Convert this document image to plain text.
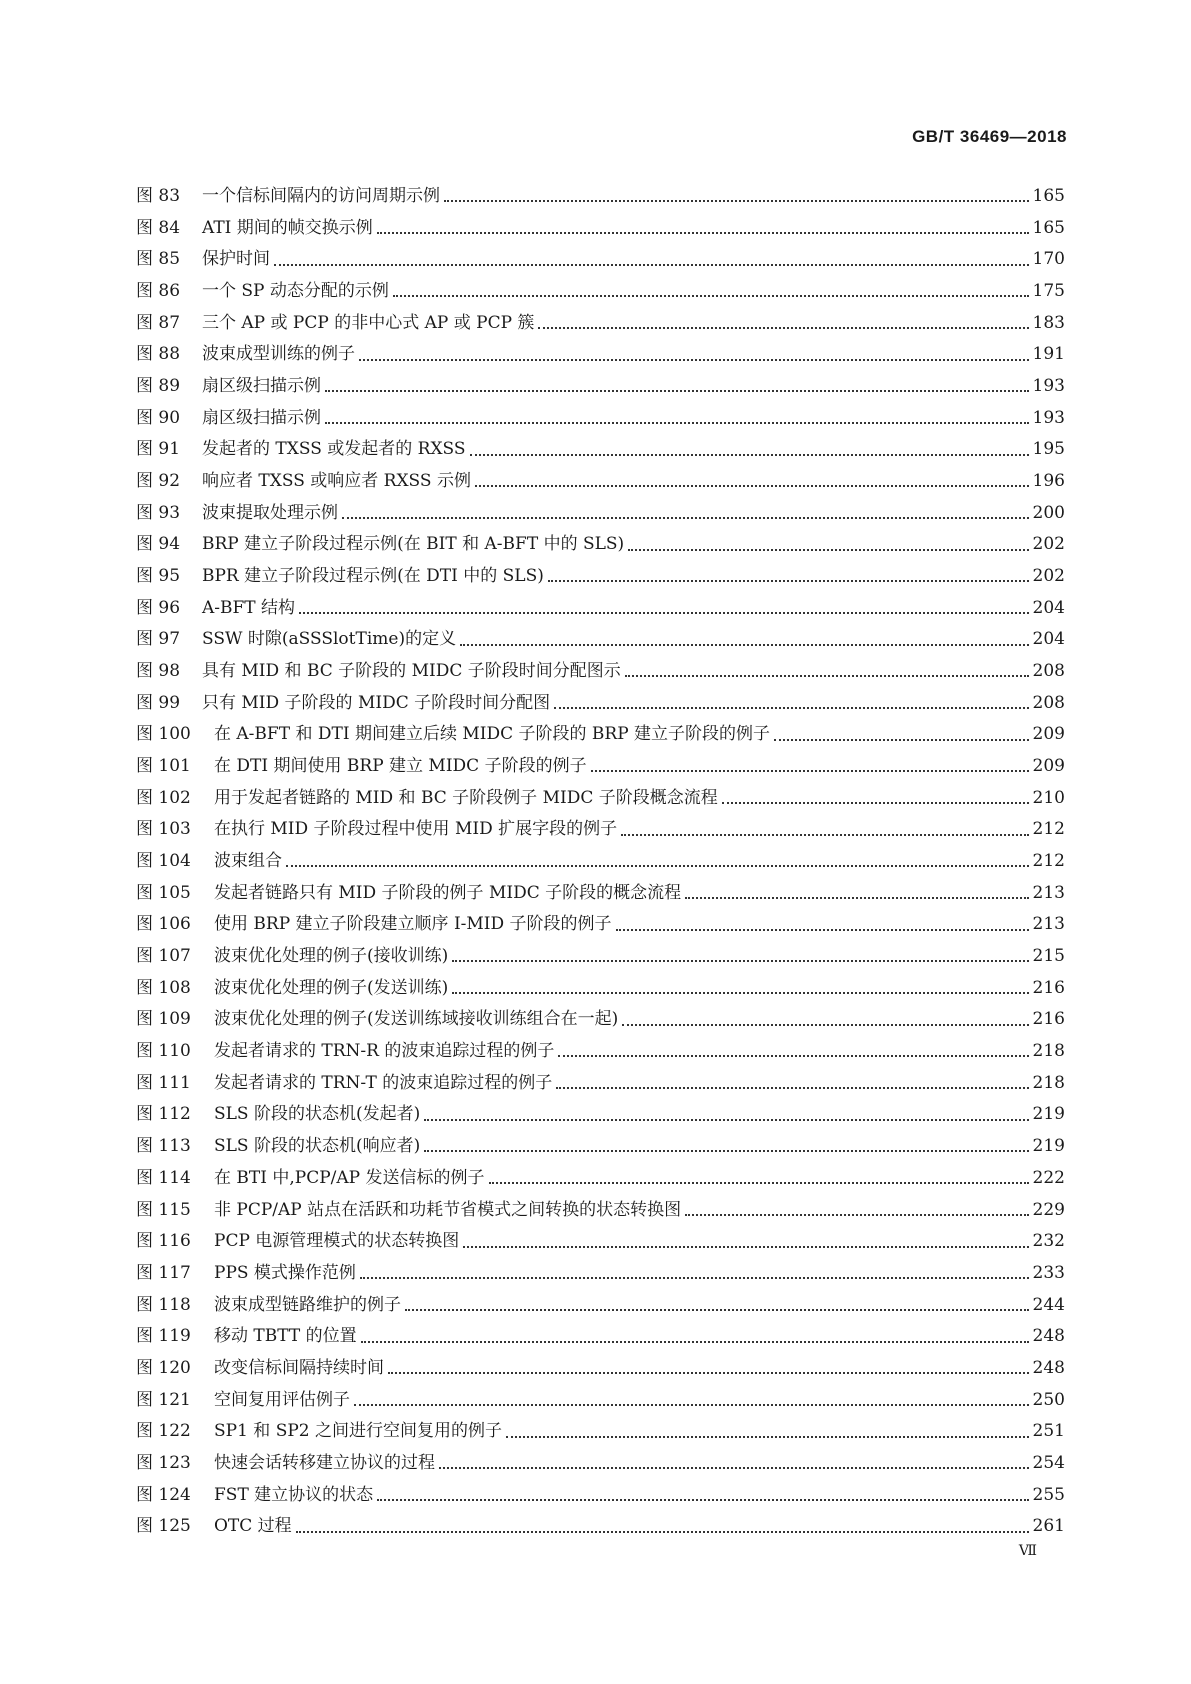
GB/T 36469—2018
图 83	一个信标间隔内的访问周期示例	165
图 84	ATI 期间的帧交换示例	165
图 85	保护时间	170
图 86	一个 SP 动态分配的示例	175
图 87	三个 AP 或 PCP 的非中心式 AP 或 PCP 簇	183
图 88	波束成型训练的例子	191
图 89	扇区级扫描示例	193
图 90	扇区级扫描示例	193
图 91	发起者的 TXSS 或发起者的 RXSS	195
图 92	响应者 TXSS 或响应者 RXSS 示例	196
图 93	波束提取处理示例	200
图 94	BRP 建立子阶段过程示例(在 BIT 和 A-BFT 中的 SLS)	202
图 95	BPR 建立子阶段过程示例(在 DTI 中的 SLS)	202
图 96	A-BFT 结构	204
图 97	SSW 时隙(aSSSlotTime)的定义	204
图 98	具有 MID 和 BC 子阶段的 MIDC 子阶段时间分配图示	208
图 99	只有 MID 子阶段的 MIDC 子阶段时间分配图	208
图 100	在 A-BFT 和 DTI 期间建立后续 MIDC 子阶段的 BRP 建立子阶段的例子	209
图 101	在 DTI 期间使用 BRP 建立 MIDC 子阶段的例子	209
图 102	用于发起者链路的 MID 和 BC 子阶段例子 MIDC 子阶段概念流程	210
图 103	在执行 MID 子阶段过程中使用 MID 扩展字段的例子	212
图 104	波束组合	212
图 105	发起者链路只有 MID 子阶段的例子 MIDC 子阶段的概念流程	213
图 106	使用 BRP 建立子阶段建立顺序 I-MID 子阶段的例子	213
图 107	波束优化处理的例子(接收训练)	215
图 108	波束优化处理的例子(发送训练)	216
图 109	波束优化处理的例子(发送训练域接收训练组合在一起)	216
图 110	发起者请求的 TRN-R 的波束追踪过程的例子	218
图 111	发起者请求的 TRN-T 的波束追踪过程的例子	218
图 112	SLS 阶段的状态机(发起者)	219
图 113	SLS 阶段的状态机(响应者)	219
图 114	在 BTI 中,PCP/AP 发送信标的例子	222
图 115	非 PCP/AP 站点在活跃和功耗节省模式之间转换的状态转换图	229
图 116	PCP 电源管理模式的状态转换图	232
图 117	PPS 模式操作范例	233
图 118	波束成型链路维护的例子	244
图 119	移动 TBTT 的位置	248
图 120	改变信标间隔持续时间	248
图 121	空间复用评估例子	250
图 122	SP1 和 SP2 之间进行空间复用的例子	251
图 123	快速会话转移建立协议的过程	254
图 124	FST 建立协议的状态	255
图 125	OTC 过程	261
Ⅶ
